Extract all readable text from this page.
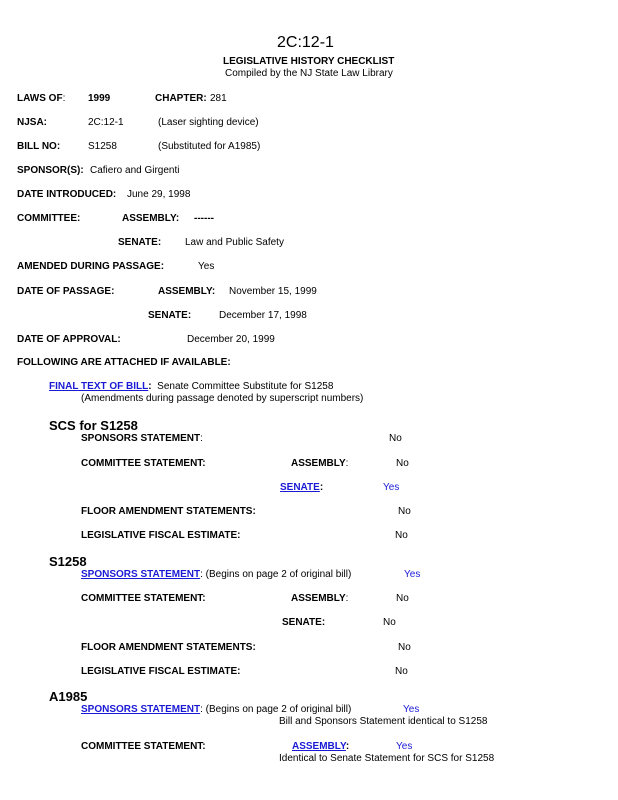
2C:12-1
LEGISLATIVE HISTORY CHECKLIST
Compiled by the NJ State Law Library
LAWS OF: 1999	CHAPTER: 281
NJSA:	2C:12-1	(Laser sighting device)
BILL NO:	S1258	(Substituted for A1985)
SPONSOR(S): Cafiero and Girgenti
DATE INTRODUCED: June 29, 1998
COMMITTEE:	ASSEMBLY: ------
SENATE: Law and Public Safety
AMENDED DURING PASSAGE:	Yes
DATE OF PASSAGE:	ASSEMBLY: November 15, 1999
SENATE:	December 17, 1998
DATE OF APPROVAL:	December 20, 1999
FOLLOWING ARE ATTACHED IF AVAILABLE:
FINAL TEXT OF BILL: Senate Committee Substitute for S1258
(Amendments during passage denoted by superscript numbers)
SCS for S1258
SPONSORS STATEMENT:	No
COMMITTEE STATEMENT:	ASSEMBLY:	No
SENATE:	Yes
FLOOR AMENDMENT STATEMENTS:	No
LEGISLATIVE FISCAL ESTIMATE:	No
S1258
SPONSORS STATEMENT: (Begins on page 2 of original bill)	Yes
COMMITTEE STATEMENT:	ASSEMBLY:	No
SENATE:	No
FLOOR AMENDMENT STATEMENTS:	No
LEGISLATIVE FISCAL ESTIMATE:	No
A1985
SPONSORS STATEMENT: (Begins on page 2 of original bill)	Yes
Bill and Sponsors Statement identical to S1258
COMMITTEE STATEMENT:	ASSEMBLY:	Yes
Identical to Senate Statement for SCS for S1258
